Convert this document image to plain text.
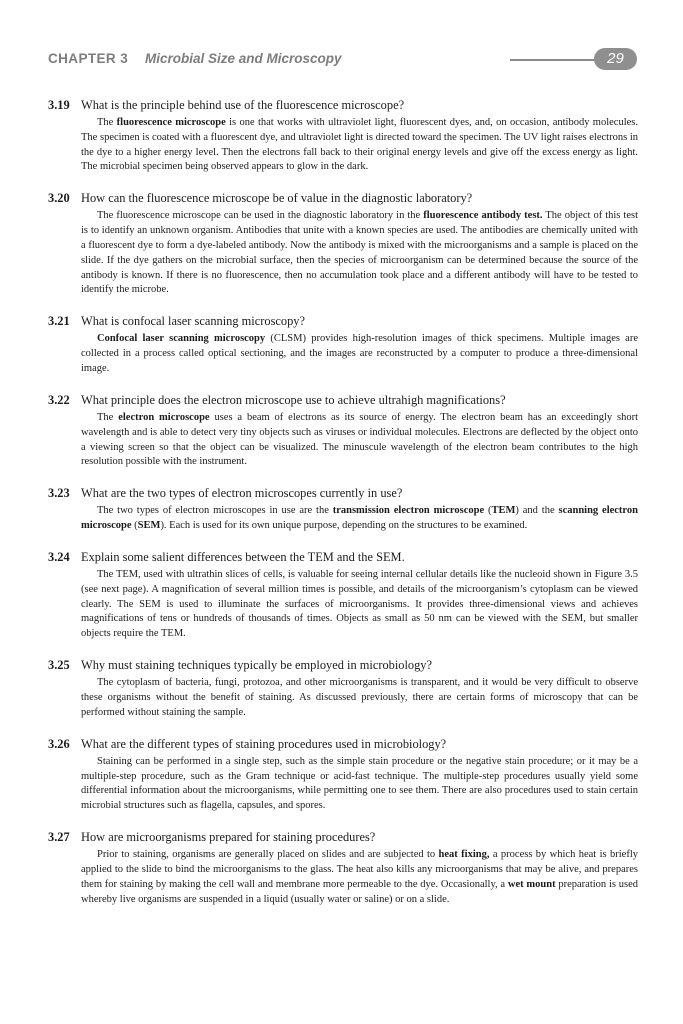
CHAPTER 3 Microbial Size and Microscopy	29
3.19 What is the principle behind use of the fluorescence microscope?
The fluorescence microscope is one that works with ultraviolet light, fluorescent dyes, and, on occasion, antibody molecules. The specimen is coated with a fluorescent dye, and ultraviolet light is directed toward the specimen. The UV light raises electrons in the dye to a higher energy level. Then the electrons fall back to their original energy levels and give off the excess energy as light. The microbial specimen being observed appears to glow in the dark.
3.20 How can the fluorescence microscope be of value in the diagnostic laboratory?
The fluorescence microscope can be used in the diagnostic laboratory in the fluorescence antibody test. The object of this test is to identify an unknown organism. Antibodies that unite with a known species are used. The antibodies are chemically united with a fluorescent dye to form a dye-labeled antibody. Now the antibody is mixed with the microorganisms and a sample is placed on the slide. If the dye gathers on the microbial surface, then the species of microorganism can be determined because the source of the antibody is known. If there is no fluorescence, then no accumulation took place and a different antibody will have to be tested to identify the microbe.
3.21 What is confocal laser scanning microscopy?
Confocal laser scanning microscopy (CLSM) provides high-resolution images of thick specimens. Multiple images are collected in a process called optical sectioning, and the images are reconstructed by a computer to produce a three-dimensional image.
3.22 What principle does the electron microscope use to achieve ultrahigh magnifications?
The electron microscope uses a beam of electrons as its source of energy. The electron beam has an exceedingly short wavelength and is able to detect very tiny objects such as viruses or individual molecules. Electrons are deflected by the object onto a viewing screen so that the object can be visualized. The minuscule wavelength of the electron beam contributes to the high resolution possible with the instrument.
3.23 What are the two types of electron microscopes currently in use?
The two types of electron microscopes in use are the transmission electron microscope (TEM) and the scanning electron microscope (SEM). Each is used for its own unique purpose, depending on the structures to be examined.
3.24 Explain some salient differences between the TEM and the SEM.
The TEM, used with ultrathin slices of cells, is valuable for seeing internal cellular details like the nucleoid shown in Figure 3.5 (see next page). A magnification of several million times is possible, and details of the microorganism’s cytoplasm can be viewed clearly. The SEM is used to illuminate the surfaces of microorganisms. It provides three-dimensional views and achieves magnifications of tens or hundreds of thousands of times. Objects as small as 50 nm can be viewed with the SEM, but smaller objects require the TEM.
3.25 Why must staining techniques typically be employed in microbiology?
The cytoplasm of bacteria, fungi, protozoa, and other microorganisms is transparent, and it would be very difficult to observe these organisms without the benefit of staining. As discussed previously, there are certain forms of microscopy that can be performed without staining the sample.
3.26 What are the different types of staining procedures used in microbiology?
Staining can be performed in a single step, such as the simple stain procedure or the negative stain procedure; or it may be a multiple-step procedure, such as the Gram technique or acid-fast technique. The multiple-step procedures usually yield some differential information about the microorganisms, while permitting one to see them. There are also procedures used to stain certain microbial structures such as flagella, capsules, and spores.
3.27 How are microorganisms prepared for staining procedures?
Prior to staining, organisms are generally placed on slides and are subjected to heat fixing, a process by which heat is briefly applied to the slide to bind the microorganisms to the glass. The heat also kills any microorganisms that may be alive, and prepares them for staining by making the cell wall and membrane more permeable to the dye. Occasionally, a wet mount preparation is used whereby live organisms are suspended in a liquid (usually water or saline) or on a slide.
